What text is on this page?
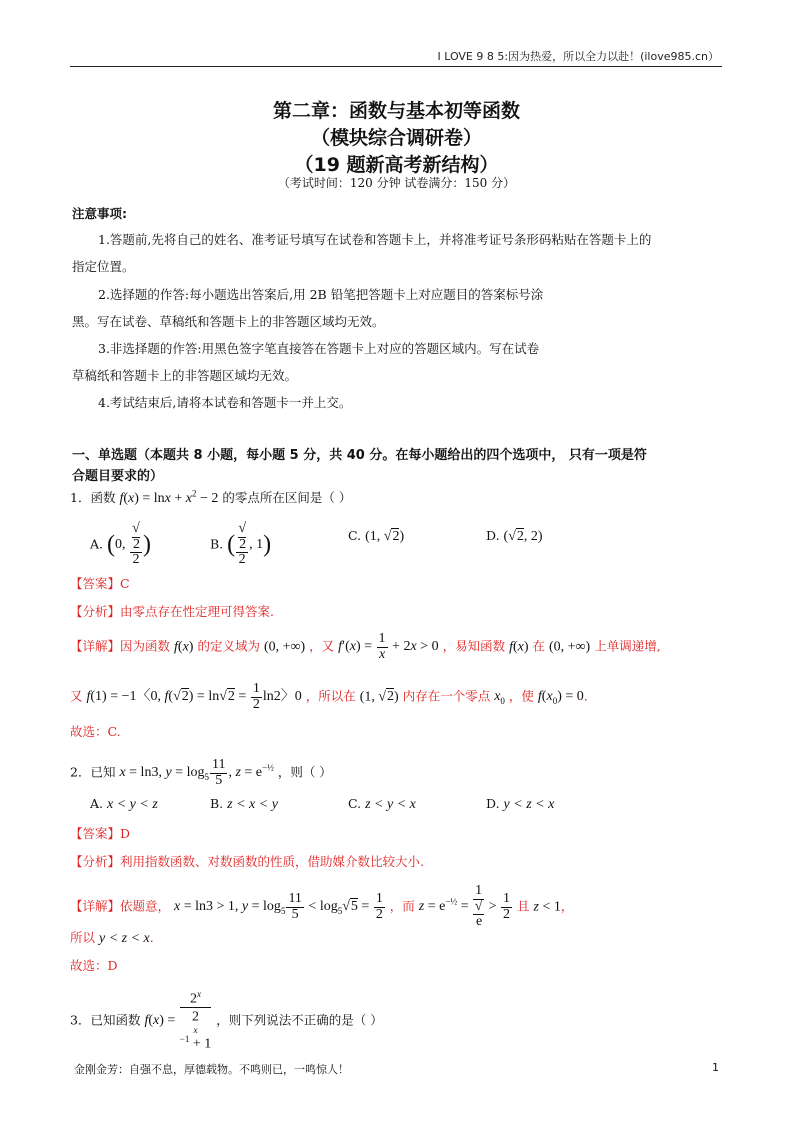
I LOVE 9 8 5:因为热爱，所以全力以赴！(ilove985.cn）
第二章：函数与基本初等函数
（模块综合调研卷）
（19 题新高考新结构）
（考试时间：120 分钟 试卷满分：150 分）
注意事项:
1.答题前,先将自己的姓名、准考证号填写在试卷和答题卡上，并将准考证号条形码粘贴在答题卡上的
指定位置。
2.选择题的作答:每小题选出答案后,用 2B 铅笔把答题卡上对应题目的答案标号涂
黑。写在试卷、草稿纸和答题卡上的非答题区域均无效。
3.非选择题的作答:用黑色签字笔直接答在答题卡上对应的答题区域内。写在试卷
草稿纸和答题卡上的非答题区域均无效。
4.考试结束后,请将本试卷和答题卡一并上交。
一、单选题（本题共 8 小题，每小题 5 分，共 40 分。在每小题给出的四个选项中， 只有一项是符
合题目要求的）
1．函数 $f(x) = \ln x + x^2 - 2$ 的零点所在区间是（ ）
A. (0, √
2
2 )	B. ( √
2
2 , 1)	C. (1, √2)	D. (√2, 2)
【答案】C
【分析】由零点存在性定理可得答案.
【详解】因为函数 f(x) 的定义域为 (0, +∞) ，又 $f'(x) = \frac{1}{x} + 2x > 0$ ，易知函数 f(x) 在 (0, +∞) 上单调递增,
又 f(1) = −1〈0, $f(√2) = \ln√2 = \frac{1}{2} \ln 2$〉0 ，所以在 (1, √2) 内存在一个零点 $x_0$ ，使 $f(x_0) = 0$.
故选：C.
2．已知 x = ln3, $y = \log_5 \frac{11}{5}$ , $z = e^{-\frac{1}{2}}$ ，则（ ）
A. x < y < z	B. z < x < y	C. z < y < x	D. y < z < x
【答案】D
【分析】利用指数函数、对数函数的性质，借助媒介数比较大小.
【详解】依题意， x = ln3 > 1, $y = \log_5 \frac{11}{5} < \log_5√5 = \frac{1}{2}$ ，而 $z = e^{-\frac{1}{2}} = 1$
√
$e > \frac{1}{2}$ 且 z < 1，
所以 y < z < x.
故选：D
3．已知函数 $f(x) = 2^x$
2
$^{x -1}$ + 1 ，则下列说法不正确的是（ ）
金刚金芳：自强不息，厚德载物。不鸣则已，一鸣惊人！	1
